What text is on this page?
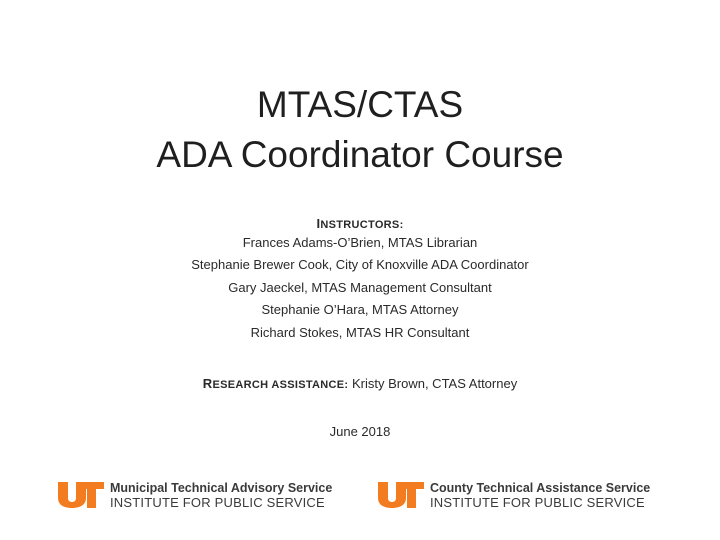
MTAS/CTAS
ADA Coordinator Course
INSTRUCTORS:
Frances Adams-O’Brien, MTAS Librarian
Stephanie Brewer Cook, City of Knoxville ADA Coordinator
Gary Jaeckel, MTAS Management Consultant
Stephanie O’Hara, MTAS Attorney
Richard Stokes, MTAS HR Consultant
RESEARCH ASSISTANCE: Kristy Brown, CTAS Attorney
June 2018
Municipal Technical Advisory Service
INSTITUTE FOR PUBLIC SERVICE
County Technical Assistance Service
INSTITUTE FOR PUBLIC SERVICE
